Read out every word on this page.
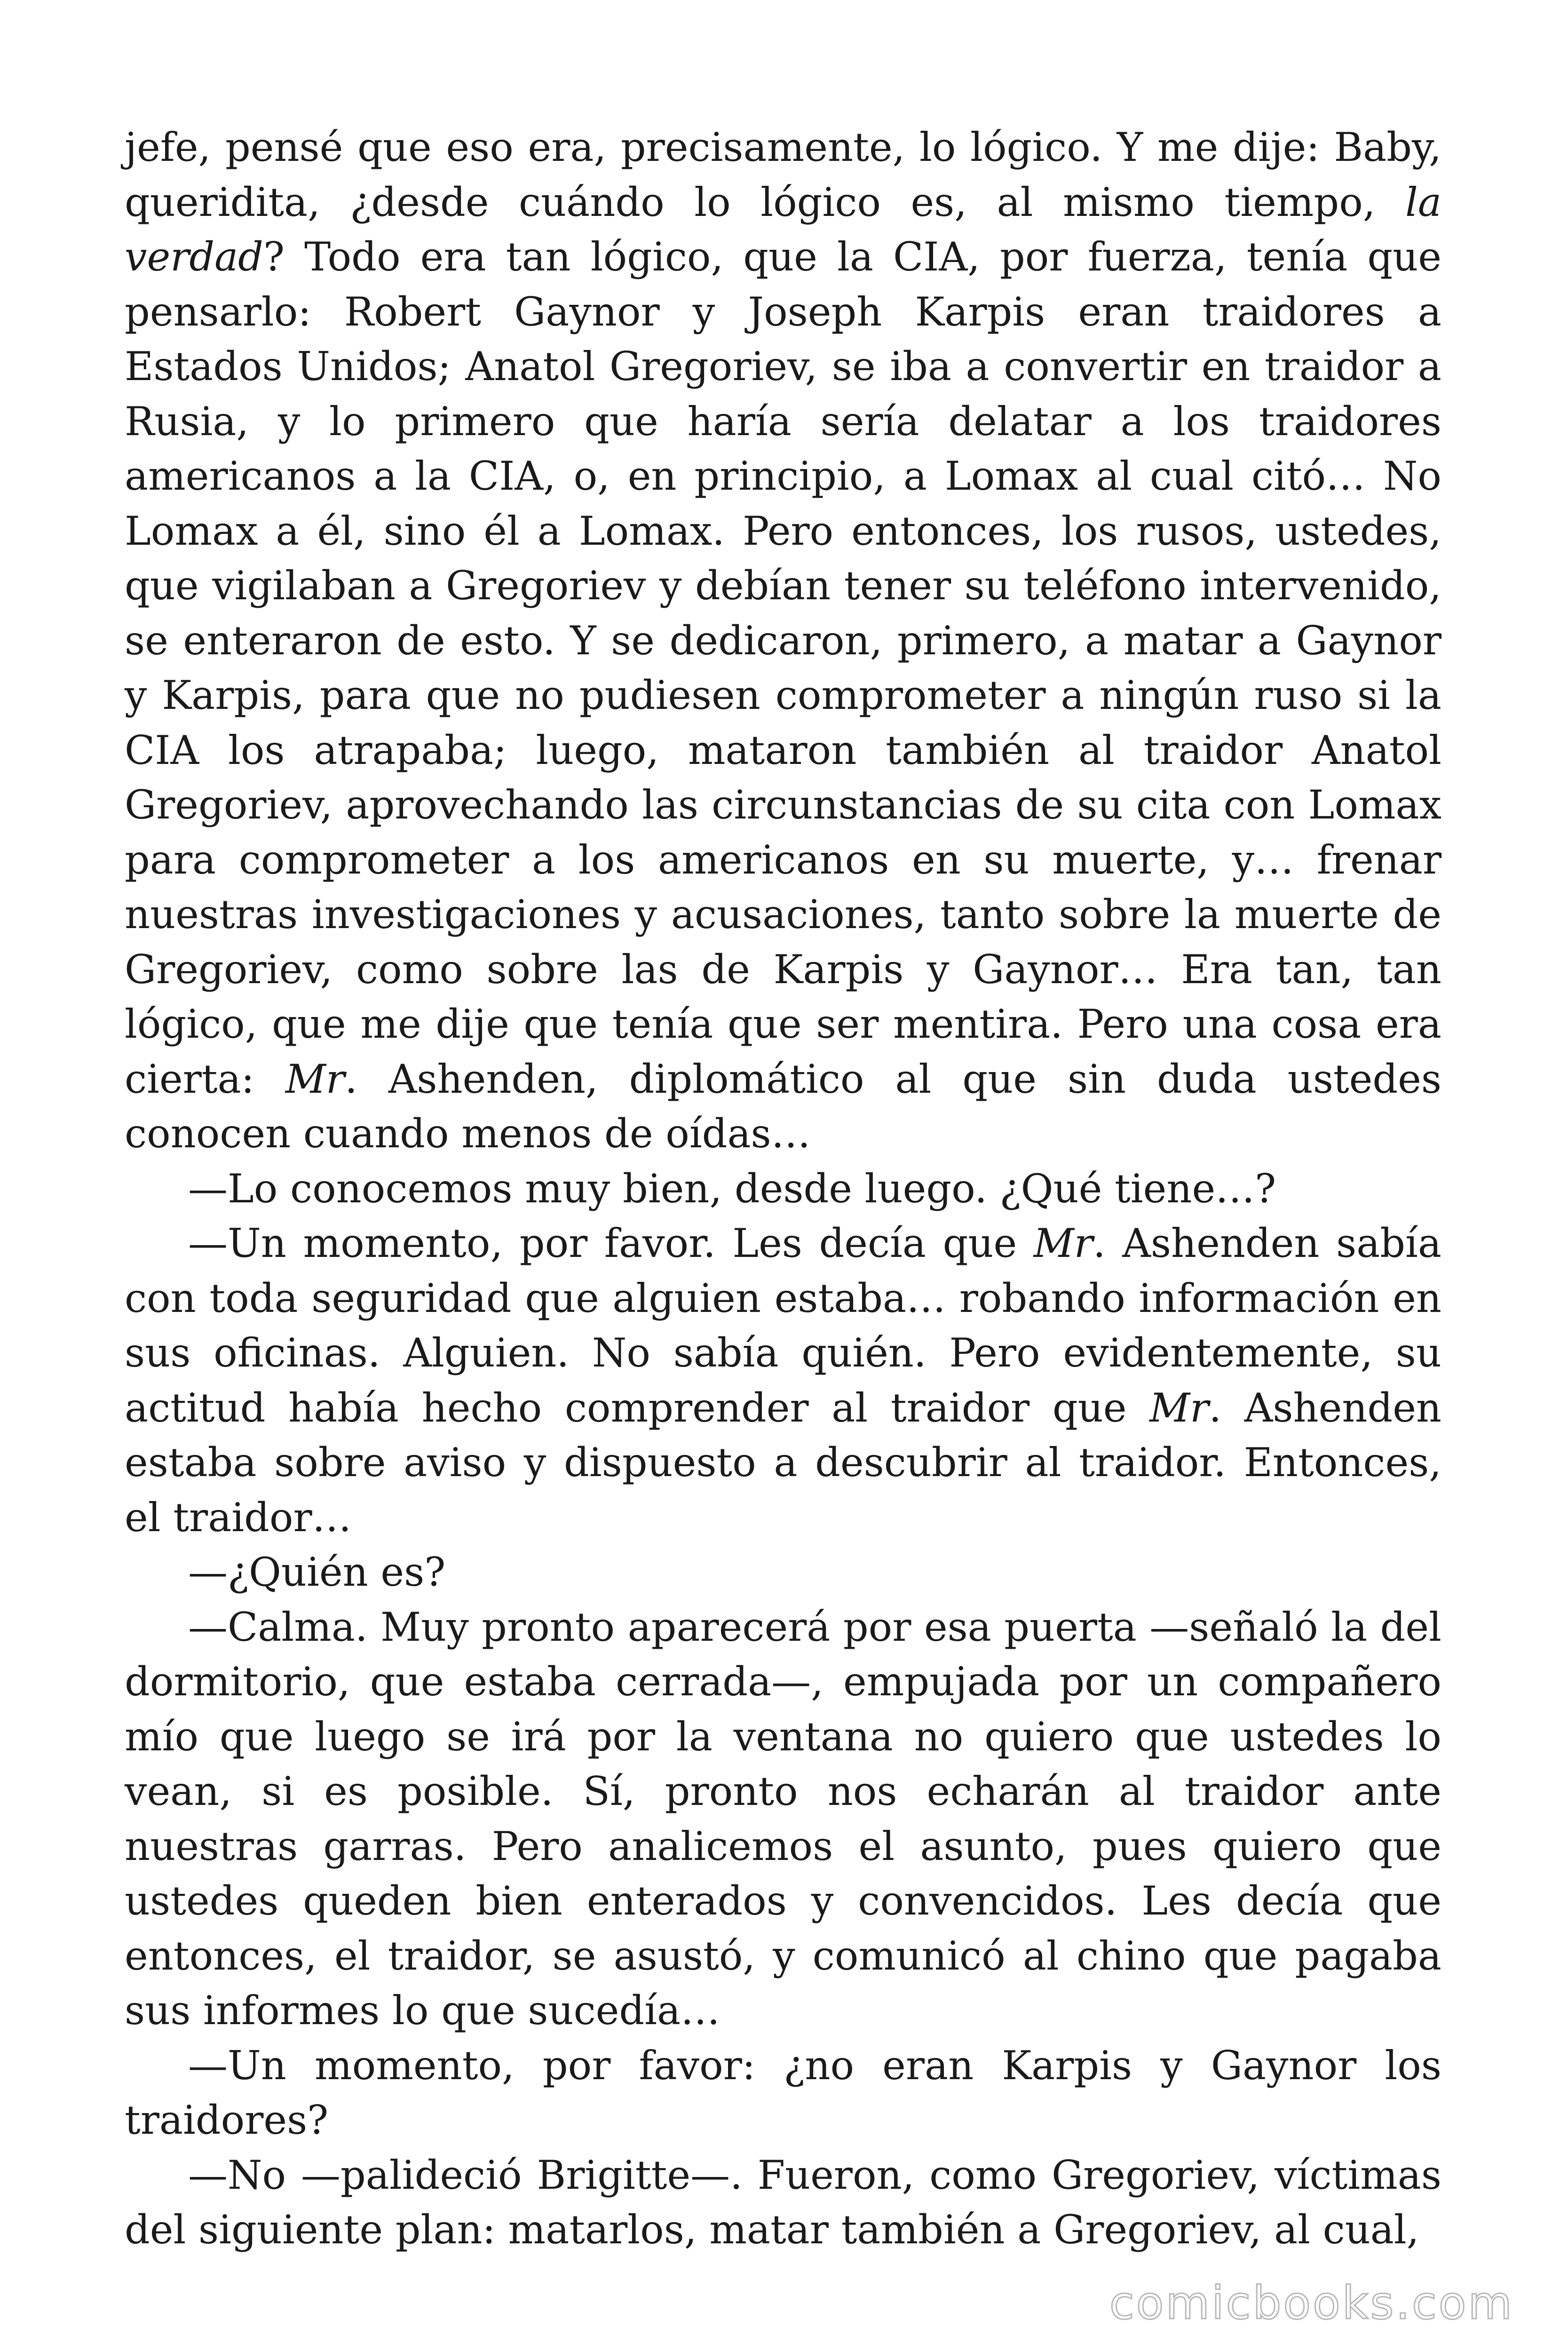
jefe, pensé que eso era, precisamente, lo lógico. Y me dije: Baby, queridita, ¿desde cuándo lo lógico es, al mismo tiempo, la verdad? Todo era tan lógico, que la CIA, por fuerza, tenía que pensarlo: Robert Gaynor y Joseph Karpis eran traidores a Estados Unidos; Anatol Gregoriev, se iba a convertir en traidor a Rusia, y lo primero que haría sería delatar a los traidores americanos a la CIA, o, en principio, a Lomax al cual citó… No Lomax a él, sino él a Lomax. Pero entonces, los rusos, ustedes, que vigilaban a Gregoriev y debían tener su teléfono intervenido, se enteraron de esto. Y se dedicaron, primero, a matar a Gaynor y Karpis, para que no pudiesen comprometer a ningún ruso si la CIA los atrapaba; luego, mataron también al traidor Anatol Gregoriev, aprovechando las circunstancias de su cita con Lomax para comprometer a los americanos en su muerte, y… frenar nuestras investigaciones y acusaciones, tanto sobre la muerte de Gregoriev, como sobre las de Karpis y Gaynor… Era tan, tan lógico, que me dije que tenía que ser mentira. Pero una cosa era cierta: Mr. Ashenden, diplomático al que sin duda ustedes conocen cuando menos de oídas…

—Lo conocemos muy bien, desde luego. ¿Qué tiene…?

—Un momento, por favor. Les decía que Mr. Ashenden sabía con toda seguridad que alguien estaba… robando información en sus oficinas. Alguien. No sabía quién. Pero evidentemente, su actitud había hecho comprender al traidor que Mr. Ashenden estaba sobre aviso y dispuesto a descubrir al traidor. Entonces, el traidor…

—¿Quién es?

—Calma. Muy pronto aparecerá por esa puerta —señaló la del dormitorio, que estaba cerrada—, empujada por un compañero mío que luego se irá por la ventana no quiero que ustedes lo vean, si es posible. Sí, pronto nos echarán al traidor ante nuestras garras. Pero analicemos el asunto, pues quiero que ustedes queden bien enterados y convencidos. Les decía que entonces, el traidor, se asustó, y comunicó al chino que pagaba sus informes lo que sucedía…

—Un momento, por favor: ¿no eran Karpis y Gaynor los traidores?

—No —palideció Brigitte—. Fueron, como Gregoriev, víctimas del siguiente plan: matarlos, matar también a Gregoriev, al cual,

comicbooks.com
